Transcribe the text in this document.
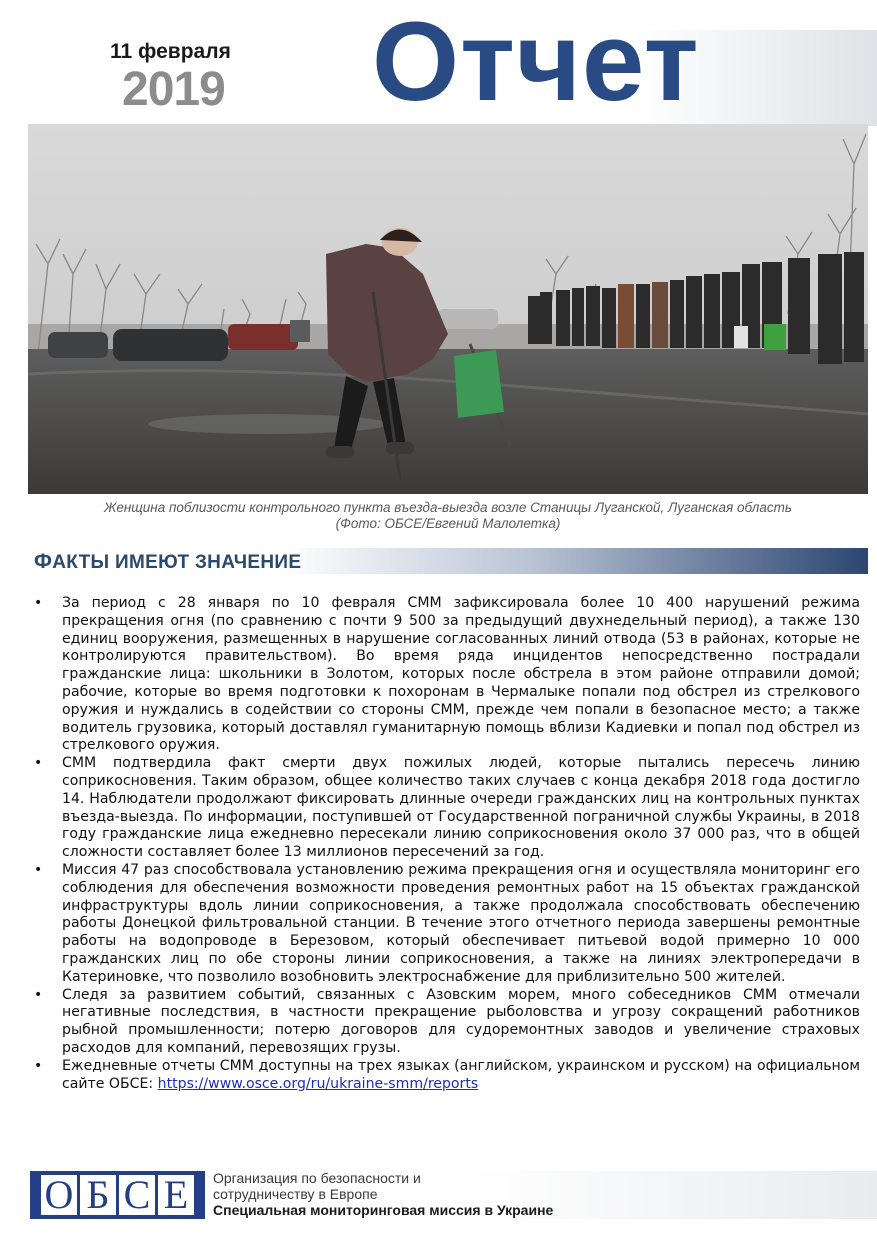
11 февраля
2019 Отчет
Женщина поблизости контрольного пункта въезда-выезда возле Станицы Луганской, Луганская область
(Фото: ОБСЕ/Евгений Малолетка)
ФАКТЫ ИМЕЮТ ЗНАЧЕНИЕ
• За период с 28 января по 10 февраля СММ зафиксировала более 10 400 нарушений режима прекращения огня (по сравнению с почти 9 500 за предыдущий двухнедельный период), а также 130 единиц вооружения, размещенных в нарушение согласованных линий отвода (53 в районах, которые не контролируются правительством). Во время ряда инцидентов непосредственно пострадали гражданские лица: школьники в Золотом, которых после обстрела в этом районе отправили домой; рабочие, которые во время подготовки к похоронам в Чермалыке попали под обстрел из стрелкового оружия и нуждались в содействии со стороны СММ, прежде чем попали в безопасное место; а также водитель грузовика, который доставлял гуманитарную помощь вблизи Кадиевки и попал под обстрел из стрелкового оружия.
• СММ подтвердила факт смерти двух пожилых людей, которые пытались пересечь линию соприкосновения. Таким образом, общее количество таких случаев с конца декабря 2018 года достигло 14. Наблюдатели продолжают фиксировать длинные очереди гражданских лиц на контрольных пунктах въезда-выезда. По информации, поступившей от Государственной пограничной службы Украины, в 2018 году гражданские лица ежедневно пересекали линию соприкосновения около 37 000 раз, что в общей сложности составляет более 13 миллионов пересечений за год.
• Миссия 47 раз способствовала установлению режима прекращения огня и осуществляла мониторинг его соблюдения для обеспечения возможности проведения ремонтных работ на 15 объектах гражданской инфраструктуры вдоль линии соприкосновения, а также продолжала способствовать обеспечению работы Донецкой фильтровальной станции. В течение этого отчетного периода завершены ремонтные работы на водопроводе в Березовом, который обеспечивает питьевой водой примерно 10 000 гражданских лиц по обе стороны линии соприкосновения, а также на линиях электропередачи в Катериновке, что позволило возобновить электроснабжение для приблизительно 500 жителей.
• Следя за развитием событий, связанных с Азовским морем, много собеседников СММ отмечали негативные последствия, в частности прекращение рыболовства и угрозу сокращений работников рыбной промышленности; потерю договоров для судоремонтных заводов и увеличение страховых расходов для компаний, перевозящих грузы.
• Ежедневные отчеты СММ доступны на трех языках (английском, украинском и русском) на официальном сайте ОБСЕ: https://www.osce.org/ru/ukraine-smm/reports
О Б С Е	Организация по безопасности и
сотрудничеству в Европе
Специальная мониторинговая миссия в Украине
